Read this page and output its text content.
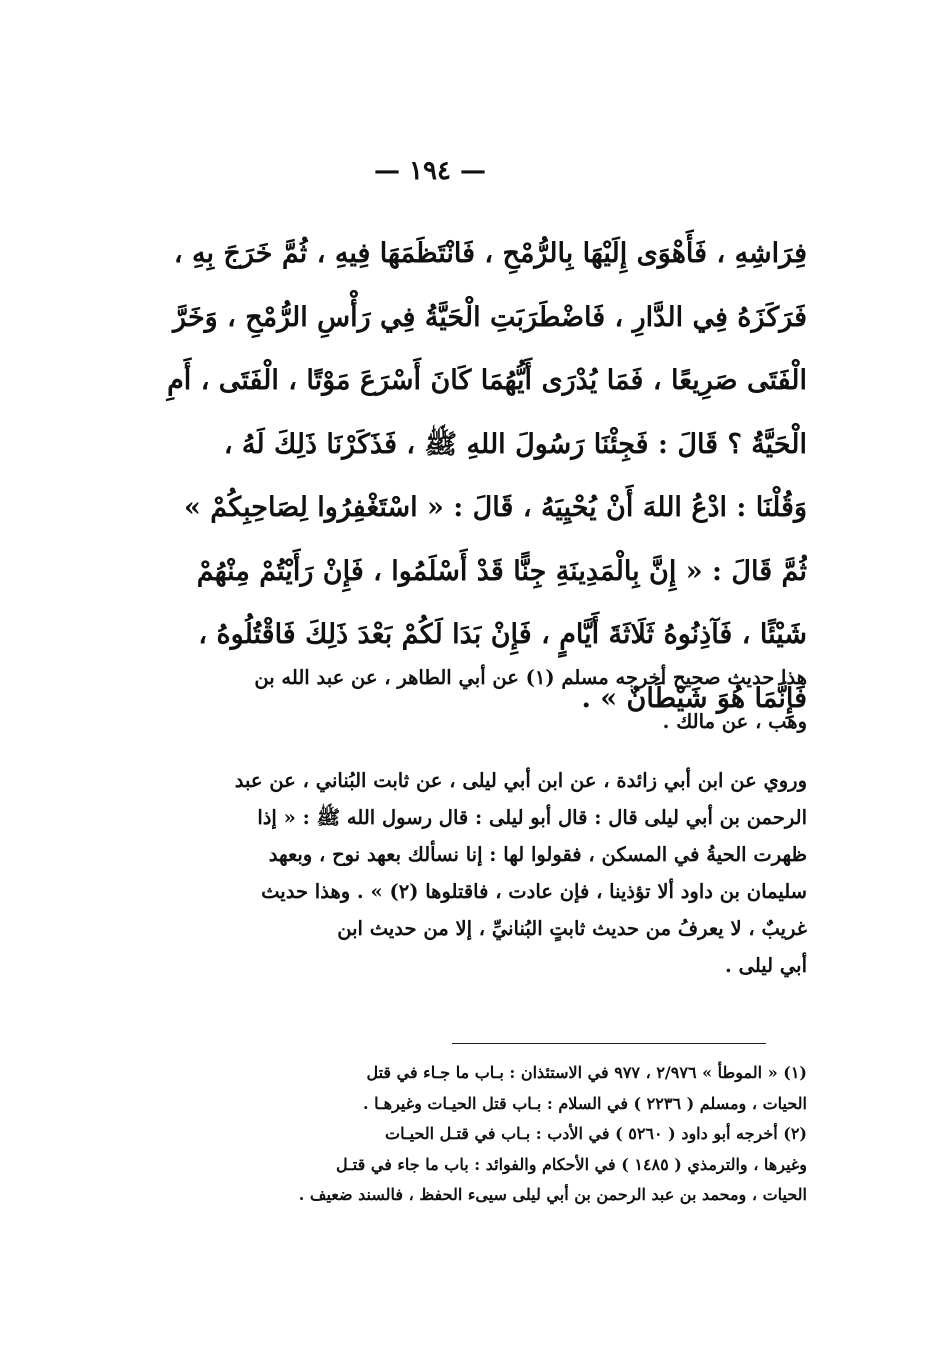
— ١٩٤ —
فِرَاشِهِ ، فَأَهْوَى إِلَيْهَا بِالرُّمْحِ ، فَانْتَظَمَهَا فِيهِ ، ثُمَّ خَرَجَ بِهِ ،
فَرَكَزَهُ فِي الدَّارِ ، فَاضْطَرَبَتِ الْحَيَّةُ فِي رَأْسِ الرُّمْحِ ، وَخَرَّ
الْفَتَى صَرِيعًا ، فَمَا يُدْرَى أَيُّهُمَا كَانَ أَسْرَعَ مَوْتًا ، الْفَتَى ، أَمِ
الْحَيَّةُ ؟ قَالَ : فَجِئْنَا رَسُولَ اللهِ ﷺ ، فَذَكَرْنَا ذَلِكَ لَهُ ،
وَقُلْنَا : ادْعُ اللهَ أَنْ يُحْيِيَهُ ، قَالَ : « اسْتَغْفِرُوا لِصَاحِبِكُمْ »
ثُمَّ قَالَ : « إِنَّ بِالْمَدِينَةِ جِنًّا قَدْ أَسْلَمُوا ، فَإِنْ رَأَيْتُمْ مِنْهُمْ
شَيْئًا ، فَآذِنُوهُ ثَلَاثَةَ أَيَّامٍ ، فَإِنْ بَدَا لَكُمْ بَعْدَ ذَلِكَ فَاقْتُلُوهُ ،
فَإِنَّمَا هُوَ شَيْطَانٌ » .
هذا حديث صحيح أخرجه مسلم (١) عن أبي الطاهر ، عن عبد الله بن
وهب ، عن مالك .
وروي عن ابن أبي زائدة ، عن ابن أبي ليلى ، عن ثابت البُناني ، عن عبد
الرحمن بن أبي ليلى قال : قال أبو ليلى : قال رسول الله ﷺ : « إذا
ظهرت الحيةُ في المسكن ، فقولوا لها : إنا نسألك بعهد نوح ، وبعهد
سليمان بن داود ألا تؤذينا ، فإن عادت ، فاقتلوها (٢) » . وهذا حديث
غريبٌ ، لا يعرفُ من حديث ثابتٍ البُنانيِّ ، إلا من حديث ابن
أبي ليلى .
(١) « الموطأ » ٢/٩٧٦ ، ٩٧٧ في الاستئذان : بـاب ما جـاء في قتل
الحيات ، ومسلم ( ٢٢٣٦ ) في السلام : بـاب قتل الحيـات وغيرهـا .
(٢) أخرجه أبو داود ( ٥٢٦٠ ) في الأدب : بـاب في قتـل الحيـات
وغيرها ، والترمذي ( ١٤٨٥ ) في الأحكام والفوائد : باب ما جاء في قتـل
الحيات ، ومحمد بن عبد الرحمن بن أبي ليلى سيىء الحفظ ، فالسند ضعيف .
